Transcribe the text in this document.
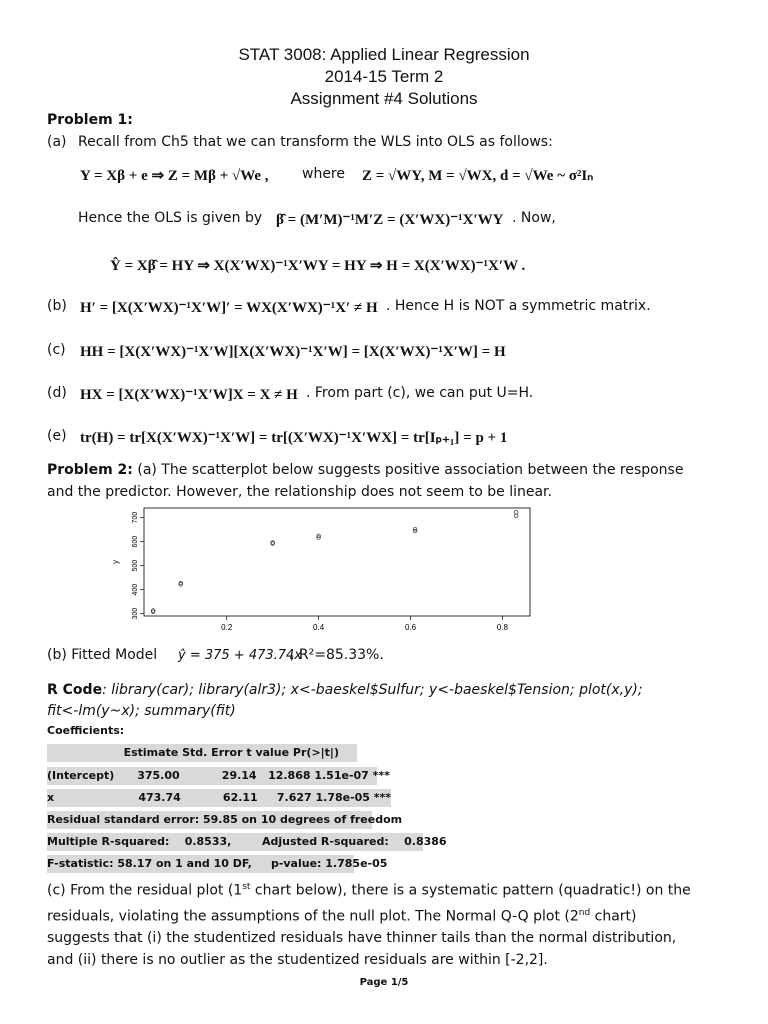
STAT 3008: Applied Linear Regression
2014-15 Term 2
Assignment #4 Solutions
Problem 1:
(a) Recall from Ch5 that we can transform the WLS into OLS as follows:
Y = Xβ + e ⇒ Z = Mβ + √We , where Z = √WY, M = √WX, d = √We ~ σ²Iₙ
Hence the OLS is given by β̂ = (M′M)⁻¹M′Z = (X′WX)⁻¹X′WY . Now,
Ŷ = Xβ̂ = HY ⇒ X(X′WX)⁻¹X′WY = HY ⇒ H = X(X′WX)⁻¹X′W .
(b) H′ = [X(X′WX)⁻¹X′W]′ = WX(X′WX)⁻¹X′ ≠ H . Hence H is NOT a symmetric matrix.
(c) HH = [X(X′WX)⁻¹X′W][X(X′WX)⁻¹X′W] = [X(X′WX)⁻¹X′W] = H
(d) HX = [X(X′WX)⁻¹X′W]X = X ≠ H . From part (c), we can put U=H.
(e) tr(H) = tr[X(X′WX)⁻¹X′W] = tr[(X′WX)⁻¹X′WX] = tr[Iₚ₊₁] = p + 1
Problem 2: (a) The scatterplot below suggests positive association between the response
and the predictor. However, the relationship does not seem to be linear.
0.2	0.4	0.6	0.8
300
400
500
600
700
y
(b) Fitted Model ŷ = 375 + 473.74x
, R²=85.33%.
R Code: library(car); library(alr3); x<-baeskel$Sulfur; y<-baeskel$Tension; plot(x,y);
fit<-lm(y~x); summary(fit)
Coefficients:
Estimate Std. Error t value Pr(>|t|)
(Intercept)      375.00           29.14   12.868 1.51e-07 ***
x                      473.74           62.11     7.627 1.78e-05 ***
Residual standard error: 59.85 on 10 degrees of freedom
Multiple R-squared:    0.8533,        Adjusted R-squared:    0.8386
F-statistic: 58.17 on 1 and 10 DF,     p-value: 1.785e-05
(c) From the residual plot (1st chart below), there is a systematic pattern (quadratic!) on the
residuals, violating the assumptions of the null plot. The Normal Q-Q plot (2nd chart)
suggests that (i) the studentized residuals have thinner tails than the normal distribution,
and (ii) there is no outlier as the studentized residuals are within [-2,2].
Page 1/5
